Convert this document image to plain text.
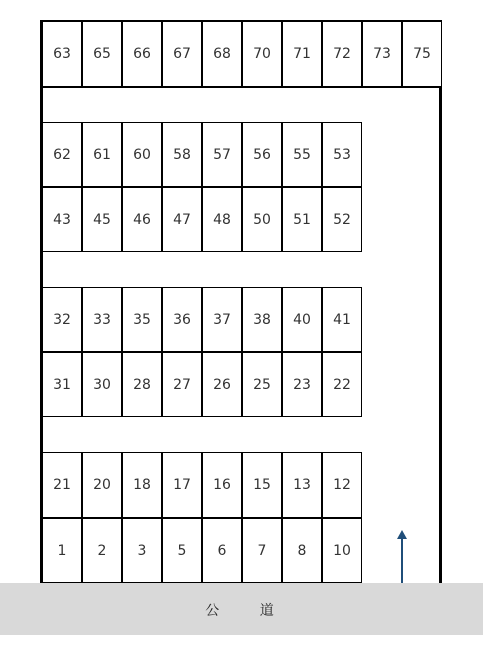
63	65	66	67	68	70	71	72	73	75
62	61	60	58	57	56	55	53
43	45	46	47	48	50	51	52
32	33	35	36	37	38	40	41
31	30	28	27	26	25	23	22
21	20	18	17	16	15	13	12
1	2	3	5	6	7	8	10
公 道
